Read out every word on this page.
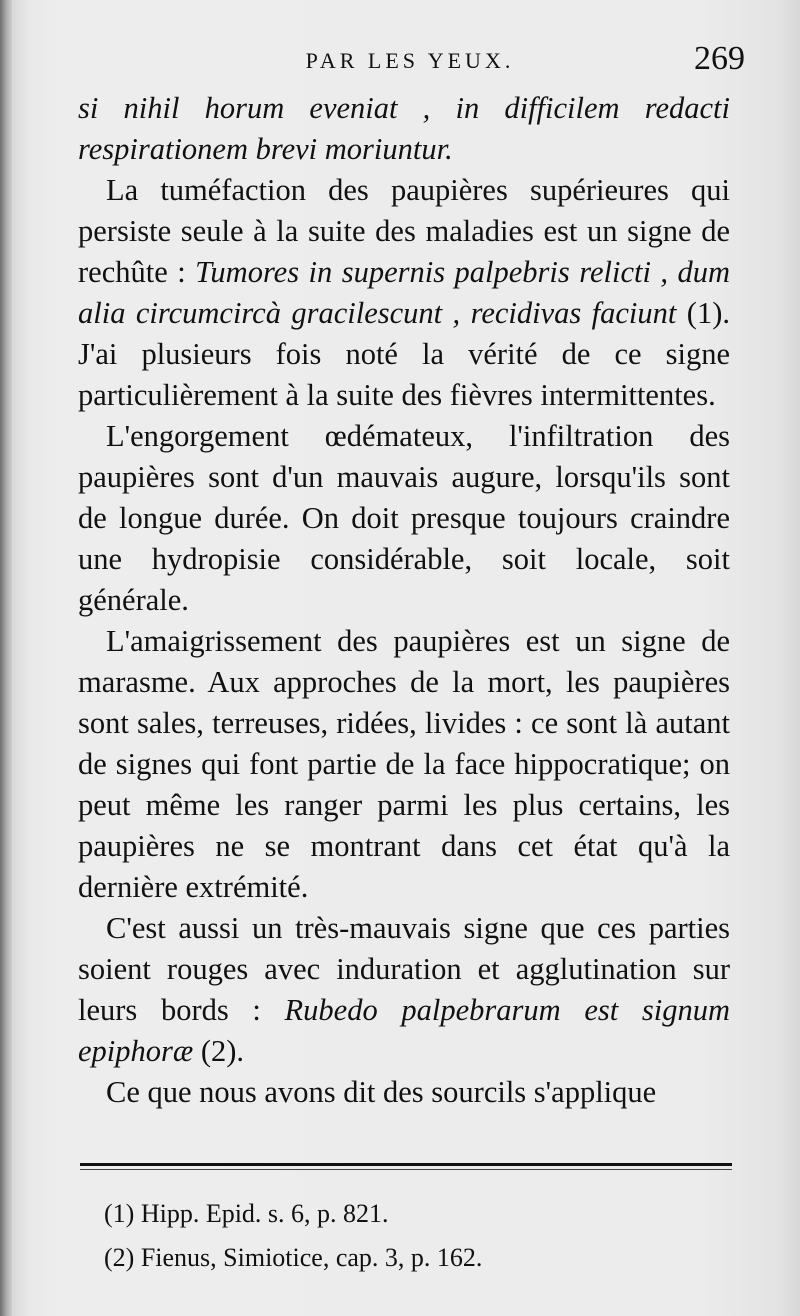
PAR LES YEUX.	269

si nihil horum eveniat , in difficilem redacti respirationem brevi moriuntur.

La tuméfaction des paupières supérieures qui persiste seule à la suite des maladies est un signe de rechûte : Tumores in supernis palpebris relicti , dum alia circumcircà gracilescunt , recidivas faciunt (1). J'ai plusieurs fois noté la vérité de ce signe particulièrement à la suite des fièvres intermittentes.

L'engorgement œdémateux, l'infiltration des paupières sont d'un mauvais augure, lorsqu'ils sont de longue durée. On doit presque toujours craindre une hydropisie considérable, soit locale, soit générale.

L'amaigrissement des paupières est un signe de marasme. Aux approches de la mort, les paupières sont sales, terreuses, ridées, livides : ce sont là autant de signes qui font partie de la face hippocratique; on peut même les ranger parmi les plus certains, les paupières ne se montrant dans cet état qu'à la dernière extrémité.

C'est aussi un très-mauvais signe que ces parties soient rouges avec induration et agglutination sur leurs bords : Rubedo palpebrarum est signum epiphoræ (2).

Ce que nous avons dit des sourcils s'applique

(1) Hipp. Epid. s. 6, p. 821.

(2) Fienus, Simiotice, cap. 3, p. 162.
